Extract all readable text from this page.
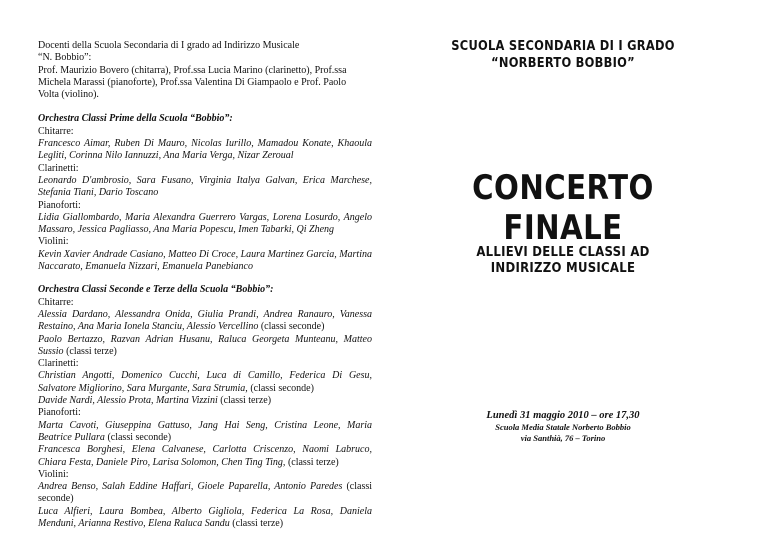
Docenti della Scuola Secondaria di I grado ad Indirizzo Musicale

“N. Bobbio”:

Prof. Maurizio Bovero (chitarra), Prof.ssa Lucia Marino (clarinetto), Prof.ssa

Michela Marassi (pianoforte), Prof.ssa Valentina Di Giampaolo e Prof. Paolo

Volta (violino).

Orchestra Classi Prime della Scuola “Bobbio”:

Chitarre:

Francesco Aimar, Ruben Di Mauro, Nicolas Iurillo, Mamadou Konate, Khaoula Legliti, Corinna Nilo Iannuzzi, Ana Maria Verga, Nizar Zeroual

Clarinetti:

Leonardo D'ambrosio, Sara Fusano, Virginia Italya Galvan, Erica Marchese, Stefania Tiani, Dario Toscano

Pianoforti:

Lidia Giallombardo, Maria Alexandra Guerrero Vargas, Lorena Losurdo, Angelo Massaro, Jessica Pagliasso, Ana Maria Popescu, Imen Tabarki, Qi Zheng

Violini:

Kevin Xavier Andrade Casiano, Matteo Di Croce, Laura Martinez Garcia, Martina Naccarato, Emanuela Nizzari, Emanuela Panebianco

Orchestra Classi Seconde e Terze della Scuola “Bobbio”:

Chitarre:

Alessia Dardano, Alessandra Onida, Giulia Prandi, Andrea Ranauro, Vanessa Restaino, Ana Maria Ionela Stanciu, Alessio Vercellino (classi seconde)

Paolo Bertazzo, Razvan Adrian Husanu, Raluca Georgeta Munteanu, Matteo Sussio (classi terze)

Clarinetti:

Christian Angotti, Domenico Cucchi, Luca di Camillo, Federica Di Gesu, Salvatore Migliorino, Sara Murgante, Sara Strumia, (classi seconde)

Davide Nardi, Alessio Prota, Martina Vizzini (classi terze)

Pianoforti:

Marta Cavoti, Giuseppina Gattuso, Jang Hai Seng, Cristina Leone, Maria Beatrice Pullara (classi seconde)

Francesca Borghesi, Elena Calvanese, Carlotta Criscenzo, Naomi Labruco, Chiara Festa, Daniele Piro, Larisa Solomon, Chen Ting Ting, (classi terze)

Violini:

Andrea Benso, Salah Eddine Haffari, Gioele Paparella, Antonio Paredes (classi seconde)

Luca Alfieri, Laura Bombea, Alberto Gigliola, Federica La Rosa, Daniela Menduni, Arianna Restivo, Elena Raluca Sandu (classi terze)

SCUOLA SECONDARIA DI I GRADO
“NORBERTO BOBBIO”
CONCERTO FINALE
ALLIEVI DELLE CLASSI AD
INDIRIZZO MUSICALE
Lunedì 31 maggio 2010 – ore 17,30
Scuola Media Statale Norberto Bobbio
via Santhià, 76 – Torino
